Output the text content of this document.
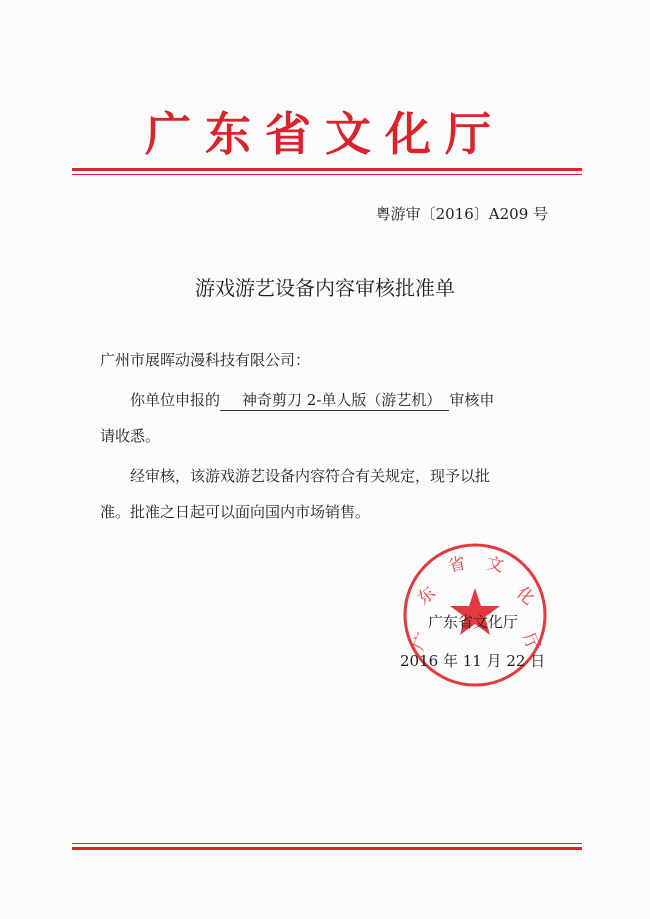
广东省文化厅
粤游审〔2016〕A209 号
游戏游艺设备内容审核批准单
广州市展晖动漫科技有限公司：
你单位申报的 神奇剪刀 2-单人版（游艺机） 审核申
请收悉。
经审核，该游戏游艺设备内容符合有关规定，现予以批
准。批准之日起可以面向国内市场销售。
广
东
省 文
化
厅
广东省文化厅
2016 年 11 月 22 日
